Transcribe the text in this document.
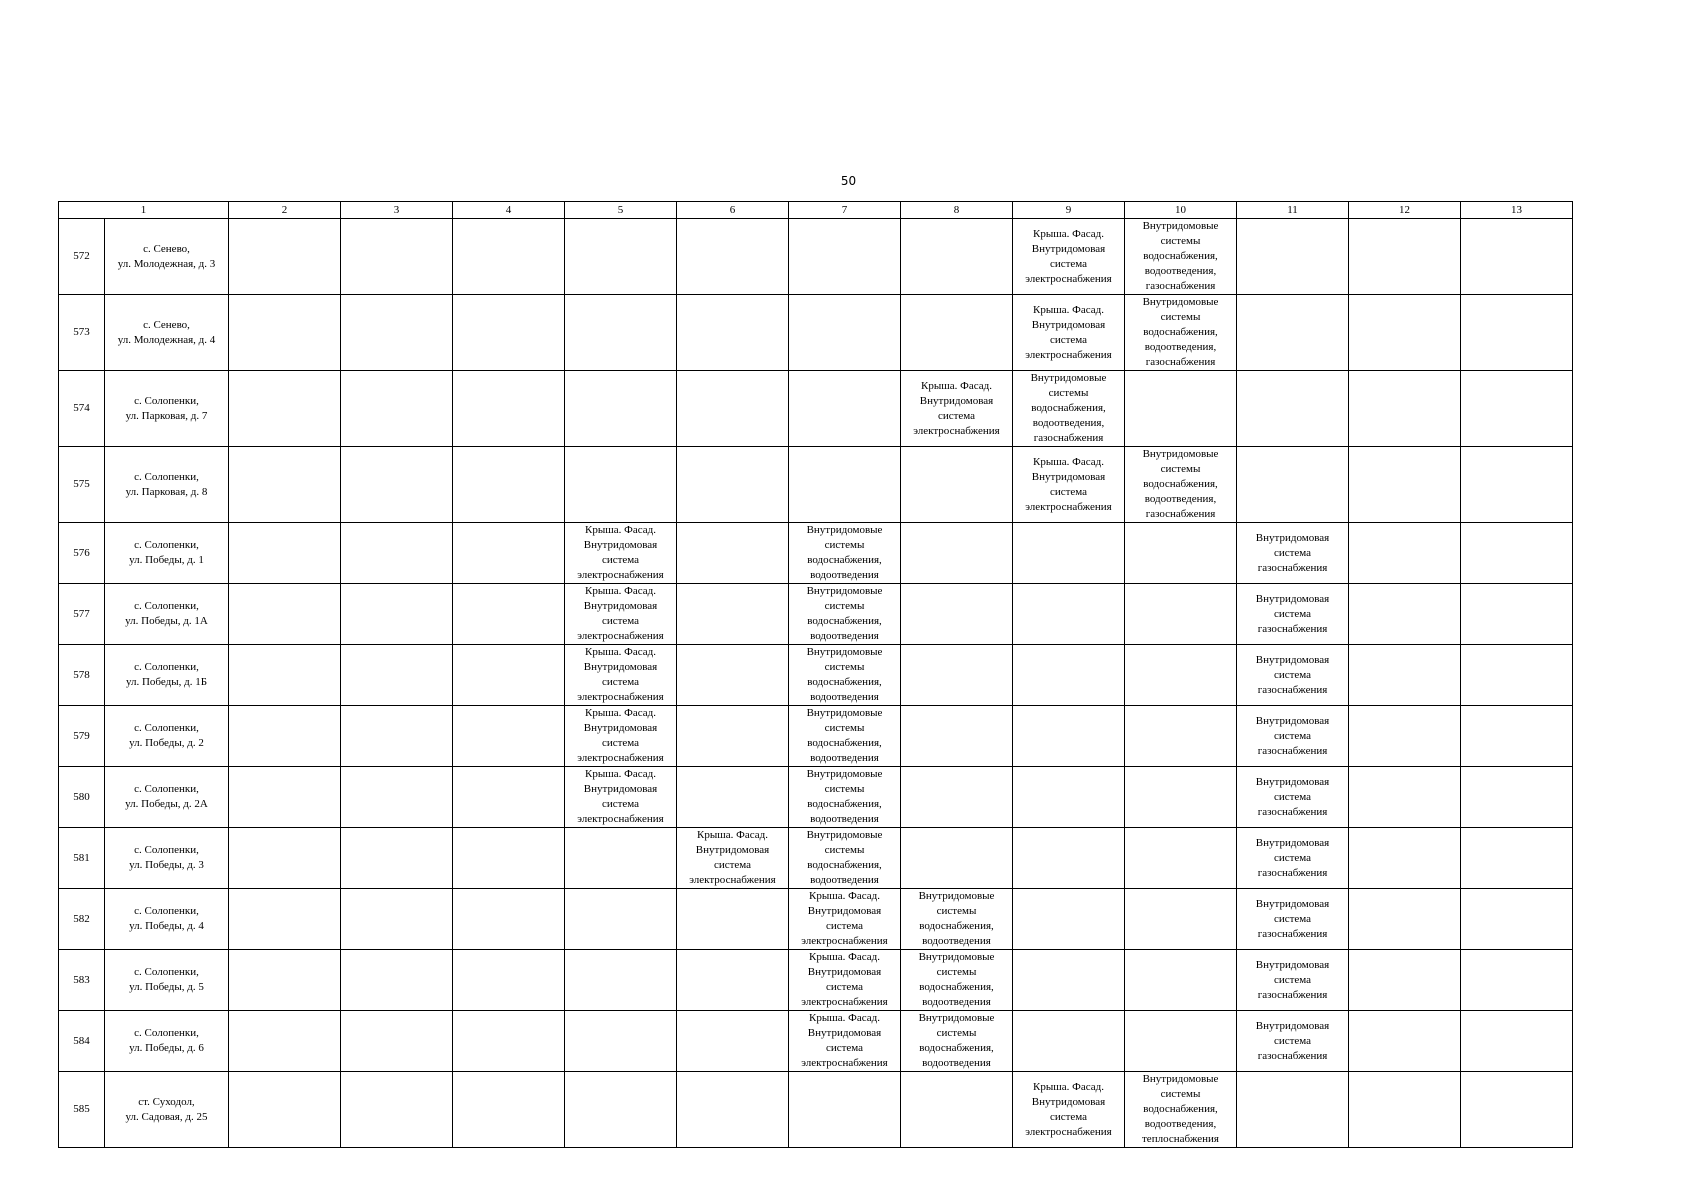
50
1		2	3	4	5	6	7	8	9	10	11	12	13
572	с. Сенево,
ул. Молодежная, д. 3								Крыша. Фасад.
Внутридомовая
система
электроснабжения	Внутридомовые
системы
водоснабжения,
водоотведения,
газоснабжения			

573	с. Сенево,
ул. Молодежная, д. 4								Крыша. Фасад.
Внутридомовая
система
электроснабжения	Внутридомовые
системы
водоснабжения,
водоотведения,
газоснабжения			

574	с. Солопенки,
ул. Парковая, д. 7							Крыша. Фасад.
Внутридомовая
система
электроснабжения	Внутридомовые
системы
водоснабжения,
водоотведения,
газоснабжения				

575	с. Солопенки,
ул. Парковая, д. 8								Крыша. Фасад.
Внутридомовая
система
электроснабжения	Внутридомовые
системы
водоснабжения,
водоотведения,
газоснабжения			

576	с. Солопенки,
ул. Победы, д. 1				Крыша. Фасад.
Внутридомовая
система
электроснабжения		Внутридомовые
системы
водоснабжения,
водоотведения				Внутридомовая
система
газоснабжения		

577	с. Солопенки,
ул. Победы, д. 1А				Крыша. Фасад.
Внутридомовая
система
электроснабжения		Внутридомовые
системы
водоснабжения,
водоотведения				Внутридомовая
система
газоснабжения		

578	с. Солопенки,
ул. Победы, д. 1Б				Крыша. Фасад.
Внутридомовая
система
электроснабжения		Внутридомовые
системы
водоснабжения,
водоотведения				Внутридомовая
система
газоснабжения		

579	с. Солопенки,
ул. Победы, д. 2				Крыша. Фасад.
Внутридомовая
система
электроснабжения		Внутридомовые
системы
водоснабжения,
водоотведения				Внутридомовая
система
газоснабжения		

580	с. Солопенки,
ул. Победы, д. 2А				Крыша. Фасад.
Внутридомовая
система
электроснабжения		Внутридомовые
системы
водоснабжения,
водоотведения				Внутридомовая
система
газоснабжения		

581	с. Солопенки,
ул. Победы, д. 3					Крыша. Фасад.
Внутридомовая
система
электроснабжения	Внутридомовые
системы
водоснабжения,
водоотведения				Внутридомовая
система
газоснабжения		

582	с. Солопенки,
ул. Победы, д. 4						Крыша. Фасад.
Внутридомовая
система
электроснабжения	Внутридомовые
системы
водоснабжения,
водоотведения			Внутридомовая
система
газоснабжения		

583	с. Солопенки,
ул. Победы, д. 5						Крыша. Фасад.
Внутридомовая
система
электроснабжения	Внутридомовые
системы
водоснабжения,
водоотведения			Внутридомовая
система
газоснабжения		

584	с. Солопенки,
ул. Победы, д. 6						Крыша. Фасад.
Внутридомовая
система
электроснабжения	Внутридомовые
системы
водоснабжения,
водоотведения			Внутридомовая
система
газоснабжения		

585	ст. Суходол,
ул. Садовая, д. 25								Крыша. Фасад.
Внутридомовая
система
электроснабжения	Внутридомовые
системы
водоснабжения,
водоотведения,
теплоснабжения			
